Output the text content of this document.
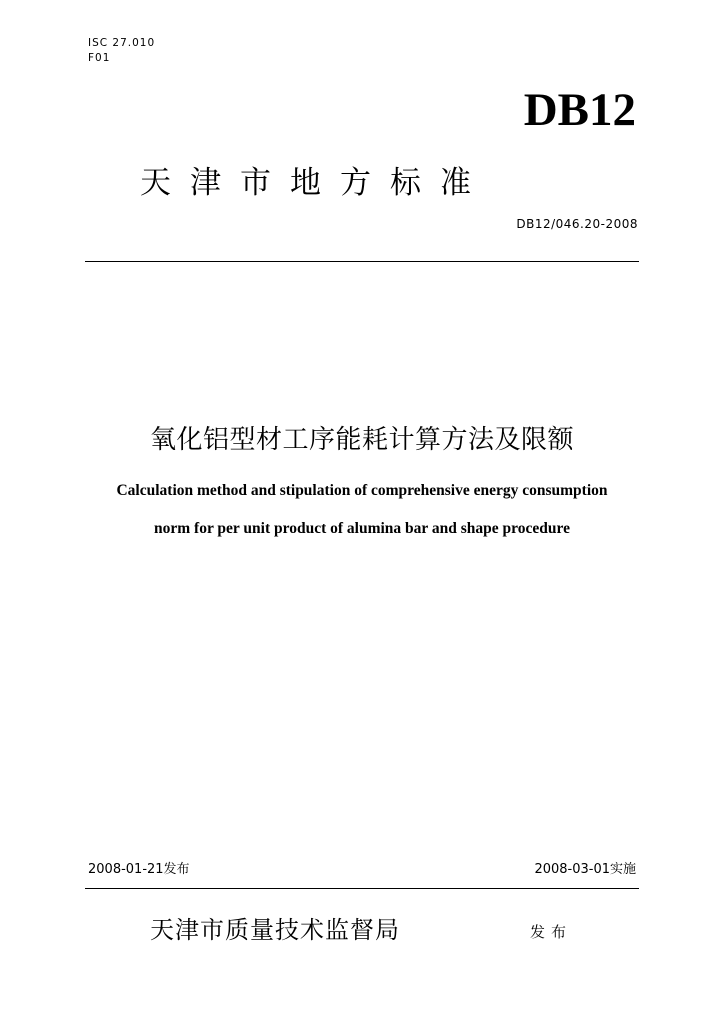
ISC 27.010
F01
DB12
天津市地方标准
DB12/046.20-2008
氧化铝型材工序能耗计算方法及限额
Calculation method and stipulation of comprehensive energy consumption
norm for per unit product of alumina bar and shape procedure
2008-01-21发布	2008-03-01实施
天津市质量技术监督局	发布
